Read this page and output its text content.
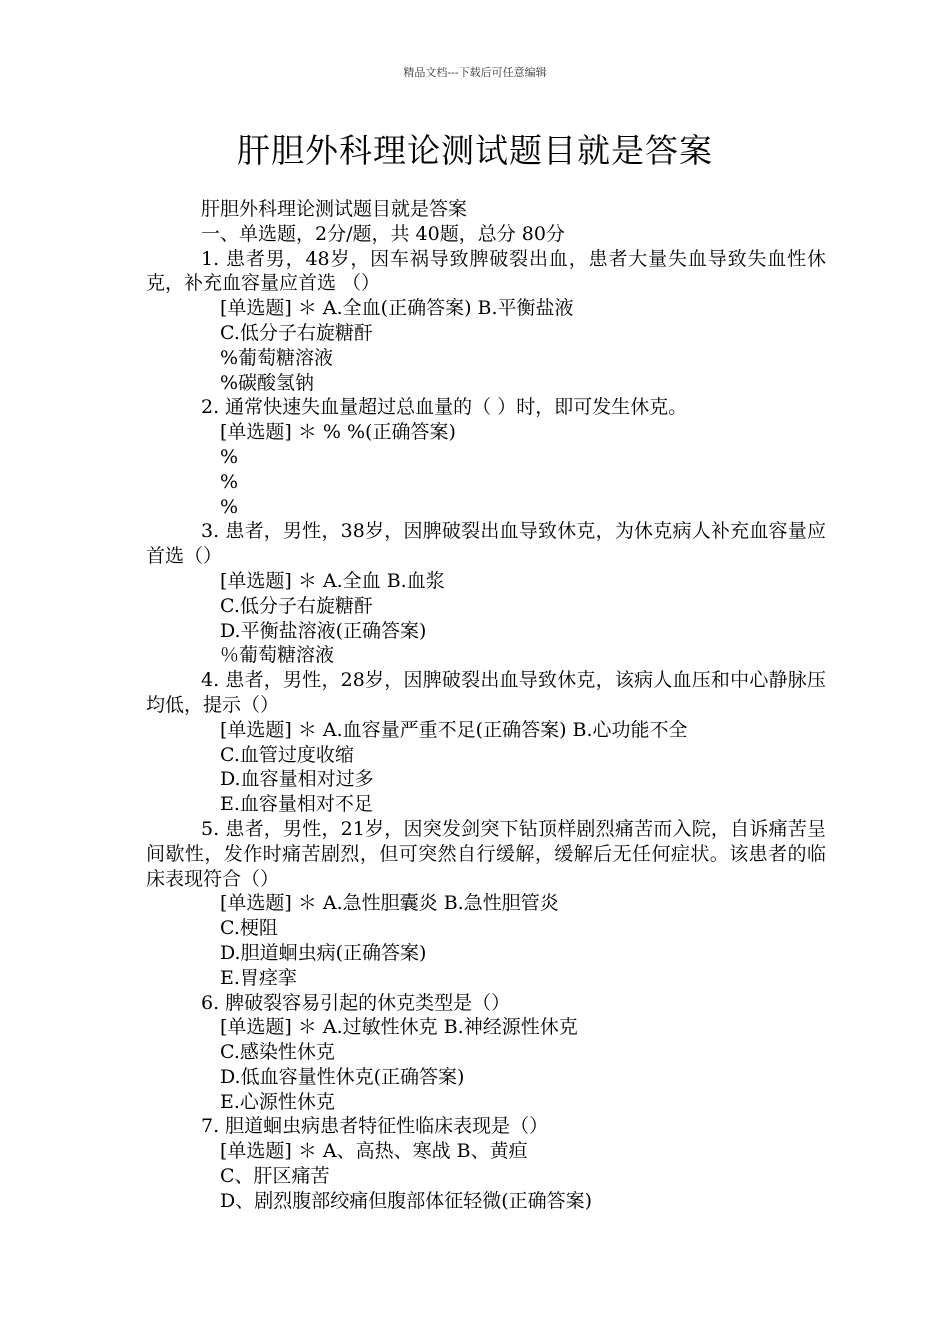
精品文档---下载后可任意编辑
肝胆外科理论测试题目就是答案
肝胆外科理论测试题目就是答案
一、单选题，2分/题，共 40题，总分 80分
1. 患者男，48岁，因车祸导致脾破裂出血，患者大量失血导致失血性休克，补充血容量应首选 （）
[单选题] ＊ A.全血(正确答案) B.平衡盐液
C.低分子右旋糖酐
%葡萄糖溶液
%碳酸氢钠
2. 通常快速失血量超过总血量的（ ）时，即可发生休克。
[单选题] ＊ % %(正确答案)
%
%
%
3. 患者，男性，38岁，因脾破裂出血导致休克，为休克病人补充血容量应首选（）
[单选题] ＊ A.全血 B.血浆
C.低分子右旋糖酐
D.平衡盐溶液(正确答案)
％葡萄糖溶液
4. 患者，男性，28岁，因脾破裂出血导致休克，该病人血压和中心静脉压均低，提示（）
[单选题] ＊ A.血容量严重不足(正确答案) B.心功能不全
C.血管过度收缩
D.血容量相对过多
E.血容量相对不足
5. 患者，男性，21岁，因突发剑突下钻顶样剧烈痛苦而入院，自诉痛苦呈间歇性，发作时痛苦剧烈，但可突然自行缓解，缓解后无任何症状。该患者的临床表现符合（）
[单选题] ＊ A.急性胆囊炎 B.急性胆管炎
C.梗阻
D.胆道蛔虫病(正确答案)
E.胃痉挛
6. 脾破裂容易引起的休克类型是（）
[单选题] ＊ A.过敏性休克 B.神经源性休克
C.感染性休克
D.低血容量性休克(正确答案)
E.心源性休克
7. 胆道蛔虫病患者特征性临床表现是（）
[单选题] ＊ A、高热、寒战 B、黄疸
C、肝区痛苦
D、剧烈腹部绞痛但腹部体征轻微(正确答案)
